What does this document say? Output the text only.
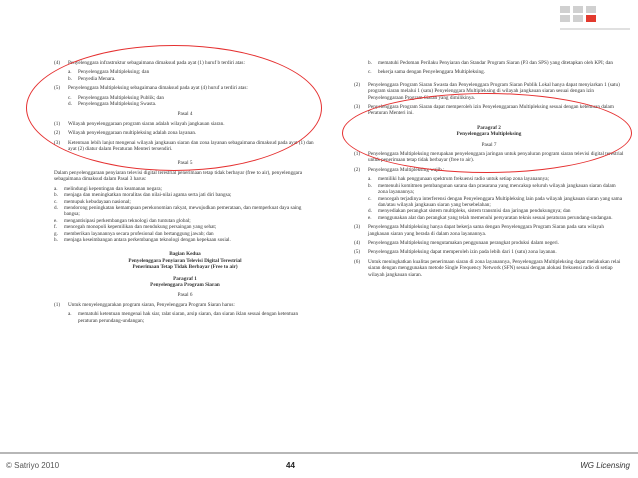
(4)	Penyelenggara infrastruktur sebagaimana dimaksud pada ayat (1) huruf b terdiri atas:
a.	Penyelenggara Multipleksing; dan
b.	Penyedia Menara.
(5)	Penyelenggara Multipleksing sebagaimana dimaksud pada ayat (4) huruf a terdiri atas:
c.	Penyelenggara Multipleksing Publik; dan
d.	Penyelenggara Multipleksing Swasta.
Pasal 4
(1)	Wilayah penyelenggaraan program siaran adalah wilayah jangkauan siaran.
(2)	Wilayah penyelenggaraan multipleksing adalah zona layanan.
(3)	Ketentuan lebih lanjut mengenai wilayah jangkauan siaran dan zona layanan sebagaimana dimaksud pada ayat (1) dan ayat (2) diatur dalam Peraturan Menteri tersendiri.
Pasal 5
Dalam penyelenggaraan penyiaran televisi digital terestrial penerimaan tetap tidak berbayar (free to air), penyelenggara sebagaimana dimaksud dalam Pasal 3 harus:
a.	melindungi kepentingan dan keamanan negara;
b.	menjaga dan meningkatkan moralitas dan nilai-nilai agama serta jati diri bangsa;
c.	memupuk kebudayaan nasional;
d.	mendorong peningkatan kemampuan perekonomian rakyat, mewujudkan pemerataan, dan memperkuat daya saing bangsa;
e.	mengantisipasi perkembangan teknologi dan tuntutan global;
f.	mencegah monopoli kepemilikan dan mendukung persaingan yang sehat;
g.	memberikan layanannya secara profesional dan bertanggung jawab; dan
h.	menjaga keseimbangan antara perkembangan teknologi dengan kepekaan sosial.
Bagian Kedua
Penyelenggara Penyiaran Televisi Digital Terestrial
Penerimaan Tetap Tidak Berbayar (Free to air)
Paragraf 1
Penyelenggara Program Siaran
Pasal 6
(1)	Untuk menyelenggarakan program siaran, Penyelenggara Program Siaran harus:
a.	mematuhi ketentuan mengenai hak siar, ralat siaran, arsip siaran, dan siaran iklan sesuai dengan ketentuan peraturan perundang-undangan;
b.	mematuhi Pedoman Perilaku Penyiaran dan Standar Program Siaran (P3 dan SPS) yang ditetapkan oleh KPI; dan
c.	bekerja sama dengan Penyelenggara Multipleksing.
(2)	Penyelenggara Program Siaran Swasta dan Penyelenggara Program Siaran Publik Lokal hanya dapat menyiarkan 1 (satu) program siaran melalui 1 (satu) Penyelenggara Multipleksing di wilayah jangkauan siaran sesuai dengan izin Penyelenggaraan Program Siaran yang dimilikinya.
(3)	Penyelenggara Program Siaran dapat memperoleh izin Penyelenggaraan Multipleksing sesuai dengan ketentuan dalam Peraturan Menteri ini.
Paragraf 2
Penyelenggara Multipleksing
Pasal 7
(1)	Penyelenggara Multipleksing merupakan penyelenggara jaringan untuk penyaluran program siaran televisi digital terestrial untuk penerimaan tetap tidak berbayar (free to air).
(2)	Penyelenggara Multipleksing wajib :
a.	memiliki hak penggunaan spektrum frekuensi radio untuk setiap zona layanannya;
b.	memenuhi komitmen pembangunan sarana dan prasarana yang mencakup seluruh wilayah jangkauan siaran dalam zona layanannya;
c.	mencegah terjadinya interferensi dengan Penyelenggara Multipleksing lain pada wilayah jangkauan siaran yang sama dan/atau wilayah jangkauan siaran yang bersebelahan;
d.	menyediakan perangkat sistem multipleks, sistem transmisi dan jaringan pendukungnya; dan
e.	menggunakan alat dan perangkat yang telah memenuhi persyaratan teknis sesuai peraturan perundang-undangan.
(3)	Penyelenggara Multipleksing hanya dapat bekerja sama dengan Penyelenggara Program Siaran pada satu wilayah jangkauan siaran yang berada di dalam zona layanannya.
(4)	Penyelenggara Multipleksing mengutamakan penggunaan perangkat produksi dalam negeri.
(5)	Penyelenggara Multipleksing dapat memperoleh izin pada lebih dari 1 (satu) zona layanan.
(6)	Untuk meningkatkan kualitas penerimaan siaran di zona layanannya, Penyelenggara Multipleksing dapat melakukan relai siaran dengan menggunakan metode Single Frequency Network (SFN) sesuai dengan alokasi frekuensi radio di setiap wilayah jangkauan siaran.
© Satriyo 2010	44	WG Licensing
